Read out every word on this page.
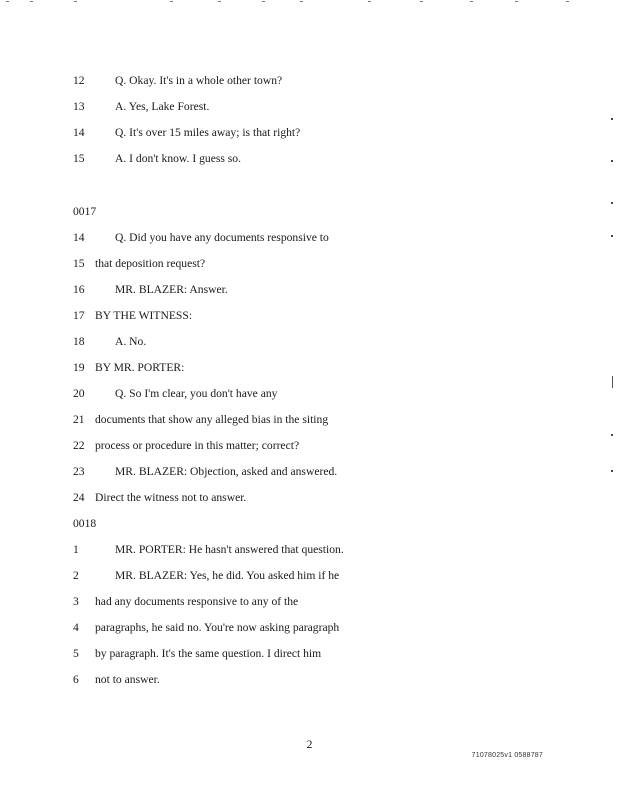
12	Q. Okay. It's in a whole other town?
13	A. Yes, Lake Forest.
14	Q. It's over 15 miles away; is that right?
15	A. I don't know. I guess so.
0017
14	Q. Did you have any documents responsive to
15 that deposition request?
16	MR. BLAZER: Answer.
17 BY THE WITNESS:
18	A. No.
19 BY MR. PORTER:
20	Q. So I'm clear, you don't have any
21 documents that show any alleged bias in the siting
22 process or procedure in this matter; correct?
23	MR. BLAZER: Objection, asked and answered.
24 Direct the witness not to answer.
0018
1	MR. PORTER: He hasn't answered that question.
2	MR. BLAZER: Yes, he did. You asked him if he
3	had any documents responsive to any of the
4	paragraphs, he said no. You're now asking paragraph
5	by paragraph. It's the same question. I direct him
6	not to answer.
2
71078025v1 0588787
